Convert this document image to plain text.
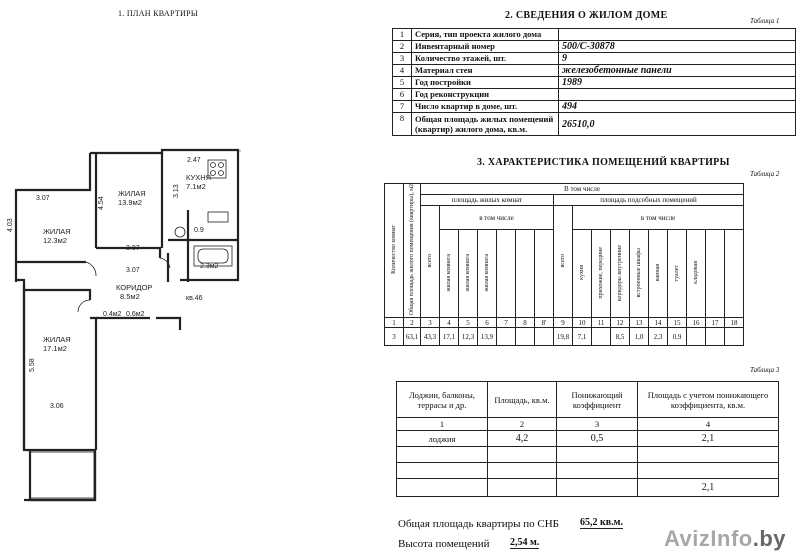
1. ПЛАН КВАРТИРЫ
2.47
3.07	4.54
3.13
4.03
3.07
3.07
5.58
3.06
ЖИЛАЯ
13.9м2
КУХНЯ
7.1м2
ЖИЛАЯ
12.3м2
КОРИДОР
8.5м2
ЖИЛАЯ
17.1м2
0.9
2.3м2
0.4м2 0.6м2
кв.46
2. СВЕДЕНИЯ О ЖИЛОМ ДОМЕ	Таблица 1
1	Серия, тип проекта жилого дома	
2	Инвентарный номер	500/С-30878
3	Количество этажей, шт.	9
4	Материал стен	железобетонные панели
5	Год постройки	1989
6	Год реконструкции	
7	Число квартир в доме, шт.	494
8	Общая площадь жилых помещений (квартир) жилого дома, кв.м.	26510,0
3. ХАРАКТЕРИСТИКА ПОМЕЩЕНИЙ КВАРТИРЫ
Таблица 2
Количество комнат	Общая площадь жилого помещения (квартиры), м2	В том числе																
		площадь жилых комнат							площадь подсобных помещений									
		всего	в том числе						всего	в том числе								
			жилая комната	жилая комната	жилая комната					кухня	прихожие, передние	коридоры внутренние	встроенные шкафы	ванная	туалет	кладовая		
1	2	3	4	5	6	7	8	8'	9	10	11	12	13	14	15	16	17	18
3	63,1	43,3	17,1	12,3	13,9				19,8	7,1		8,5	1,0	2,3	0,9			
Таблица 3
Лоджии, балконы, террасы и др.	Площадь, кв.м.	Понижающий коэффициент	Площадь с учетом понижающего коэффициента, кв.м.
1	2	3	4
лоджия	4,2	0,5	2,1

			2,1
Общая площадь квартиры по СНБ 65,2 кв.м.
Высота помещений 2,54 м.	AvizInfo.by
